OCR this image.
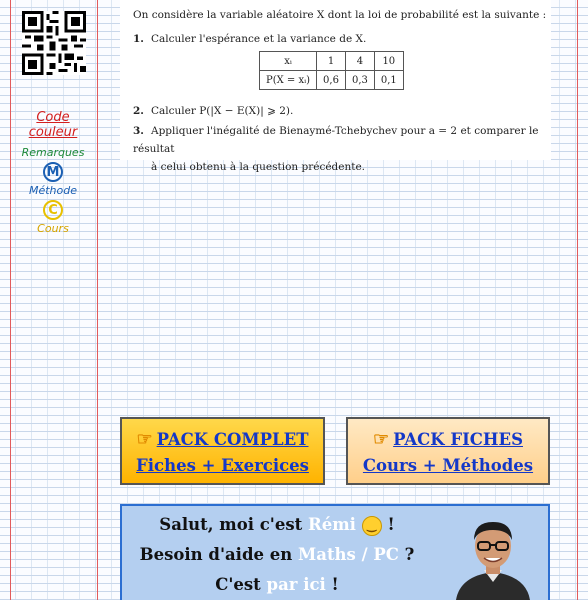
Code couleur
Remarques
M
Méthode
C
Cours
On considère la variable aléatoire X dont la loi de probabilité est la suivante :
1. Calculer l'espérance et la variance de X.
xᵢ	1	4	10
P(X = xᵢ)	0,6	0,3	0,1
2. Calculer P(|X − E(X)| ⩾ 2).
3. Appliquer l'inégalité de Bienaymé-Tchebychev pour a = 2 et comparer le résultat
à celui obtenu à la question précédente.
☞ PACK COMPLET
Fiches + Exercices
☞ PACK FICHES
Cours + Méthodes
Salut, moi c'est Rémi ‿ !
Besoin d'aide en Maths / PC ?
C'est par ici !
